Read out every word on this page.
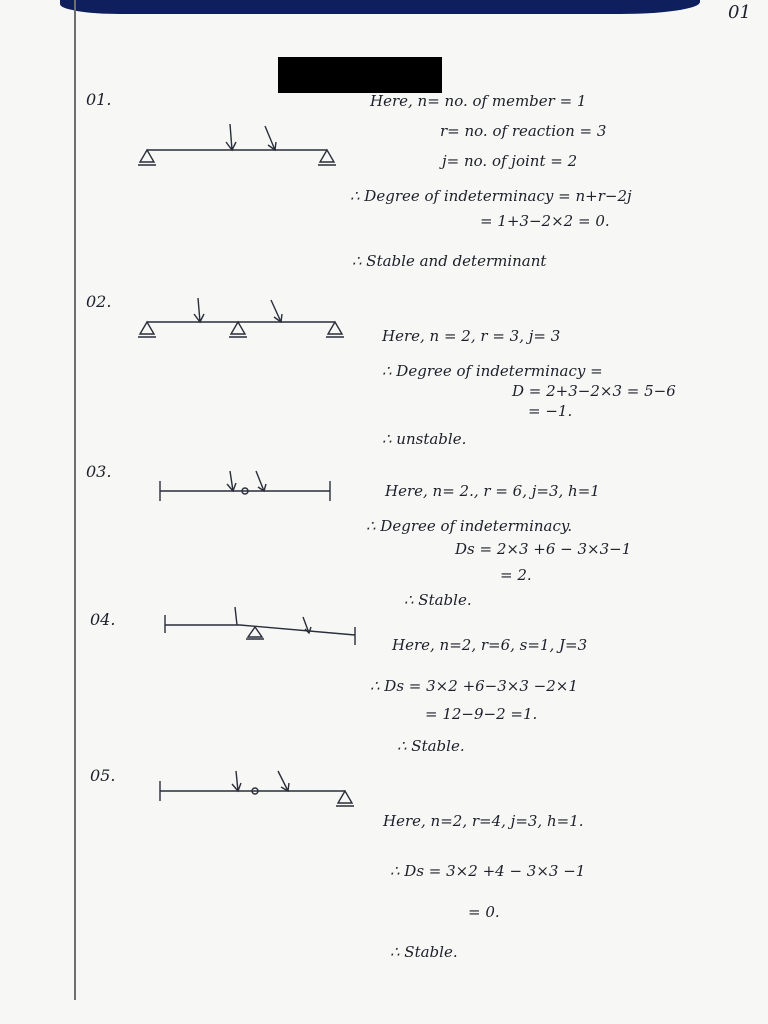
01
01.	Here, n= no. of member = 1
r= no. of reaction = 3
j= no. of joint = 2
∴ Degree of indeterminacy = n+r−2j
= 1+3−2×2 = 0.
∴ Stable and determinant
02.
Here, n = 2, r = 3, j= 3
∴ Degree of indeterminacy =
D = 2+3−2×3 = 5−6
= −1.
∴ unstable.
03.
Here, n= 2., r = 6, j=3, h=1
∴ Degree of indeterminacy.
Ds = 2×3 +6 − 3×3−1
= 2.
∴ Stable.
04.
Here, n=2, r=6, s=1, J=3
∴ Ds = 3×2 +6−3×3 −2×1
= 12−9−2 =1.
∴ Stable.
05.
Here, n=2, r=4, j=3, h=1.
∴ Ds = 3×2 +4 − 3×3 −1
= 0.
∴ Stable.
